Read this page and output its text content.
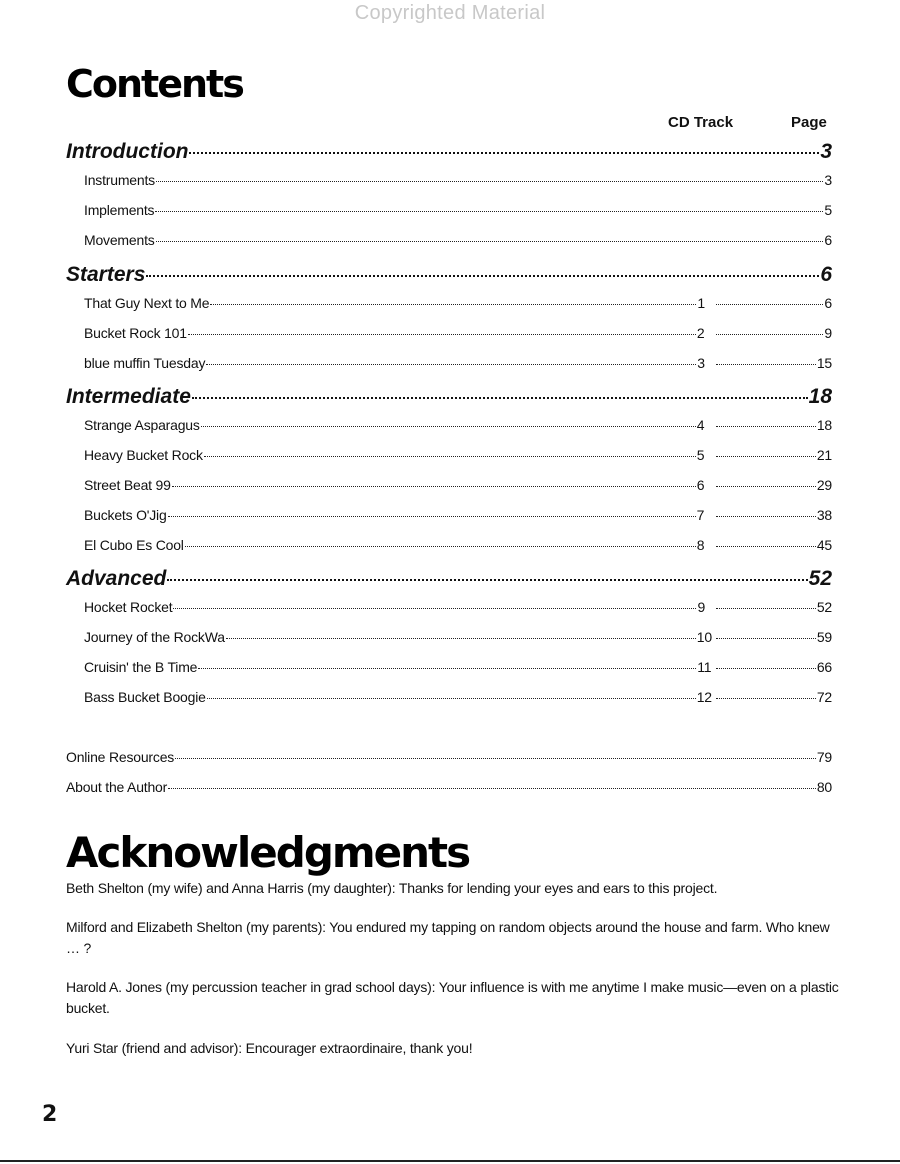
Copyrighted Material
Contents
CD Track	Page
Introduction	3
Instruments	3
Implements	5
Movements	6
Starters	6
That Guy Next to Me	1	6
Bucket Rock 101	2	9
blue muffin Tuesday	3	15
Intermediate	18
Strange Asparagus	4	18
Heavy Bucket Rock	5	21
Street Beat 99	6	29
Buckets O'Jig	7	38
El Cubo Es Cool	8	45
Advanced	52
Hocket Rocket	9	52
Journey of the RockWa	10	59
Cruisin' the B Time	11	66
Bass Bucket Boogie	12	72
Online Resources	79
About the Author	80
Acknowledgments
Beth Shelton (my wife) and Anna Harris (my daughter): Thanks for lending your eyes and ears to this project.
Milford and Elizabeth Shelton (my parents): You endured my tapping on random objects around the house and farm. Who knew … ?
Harold A. Jones (my percussion teacher in grad school days): Your influence is with me anytime I make music—even on a plastic bucket.
Yuri Star (friend and advisor): Encourager extraordinaire, thank you!
2
